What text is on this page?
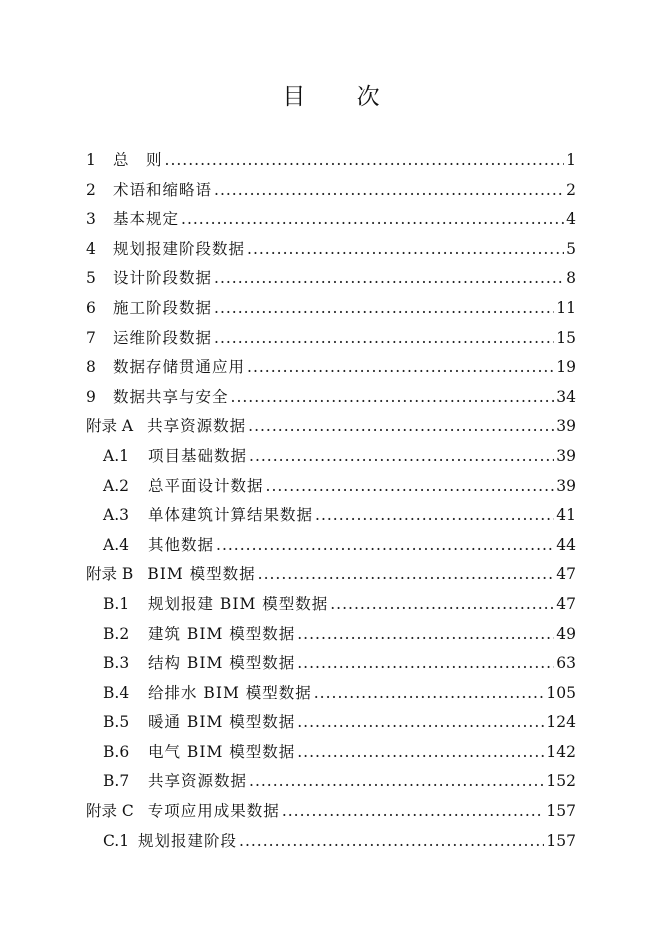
目 次
1	总　则 .....	1
2	术语和缩略语 .....	2
3	基本规定 .....	4
4	规划报建阶段数据 .....	5
5	设计阶段数据 .....	8
6	施工阶段数据 .....	11
7	运维阶段数据 .....	15
8	数据存储贯通应用 .....	19
9	数据共享与安全 .....	34
附录 A 共享资源数据 .....	39
A.1	项目基础数据 .....	39
A.2	总平面设计数据 .....	39
A.3	单体建筑计算结果数据 .....	41
A.4	其他数据 .....	44
附录 B BIM 模型数据 .....	47
B.1	规划报建 BIM 模型数据 .....	47
B.2	建筑 BIM 模型数据 .....	49
B.3	结构 BIM 模型数据 .....	63
B.4	给排水 BIM 模型数据 .....	105
B.5	暖通 BIM 模型数据 .....	124
B.6	电气 BIM 模型数据 .....	142
B.7	共享资源数据 .....	152
附录 C 专项应用成果数据 .....	157
C.1 规划报建阶段 .....	157
